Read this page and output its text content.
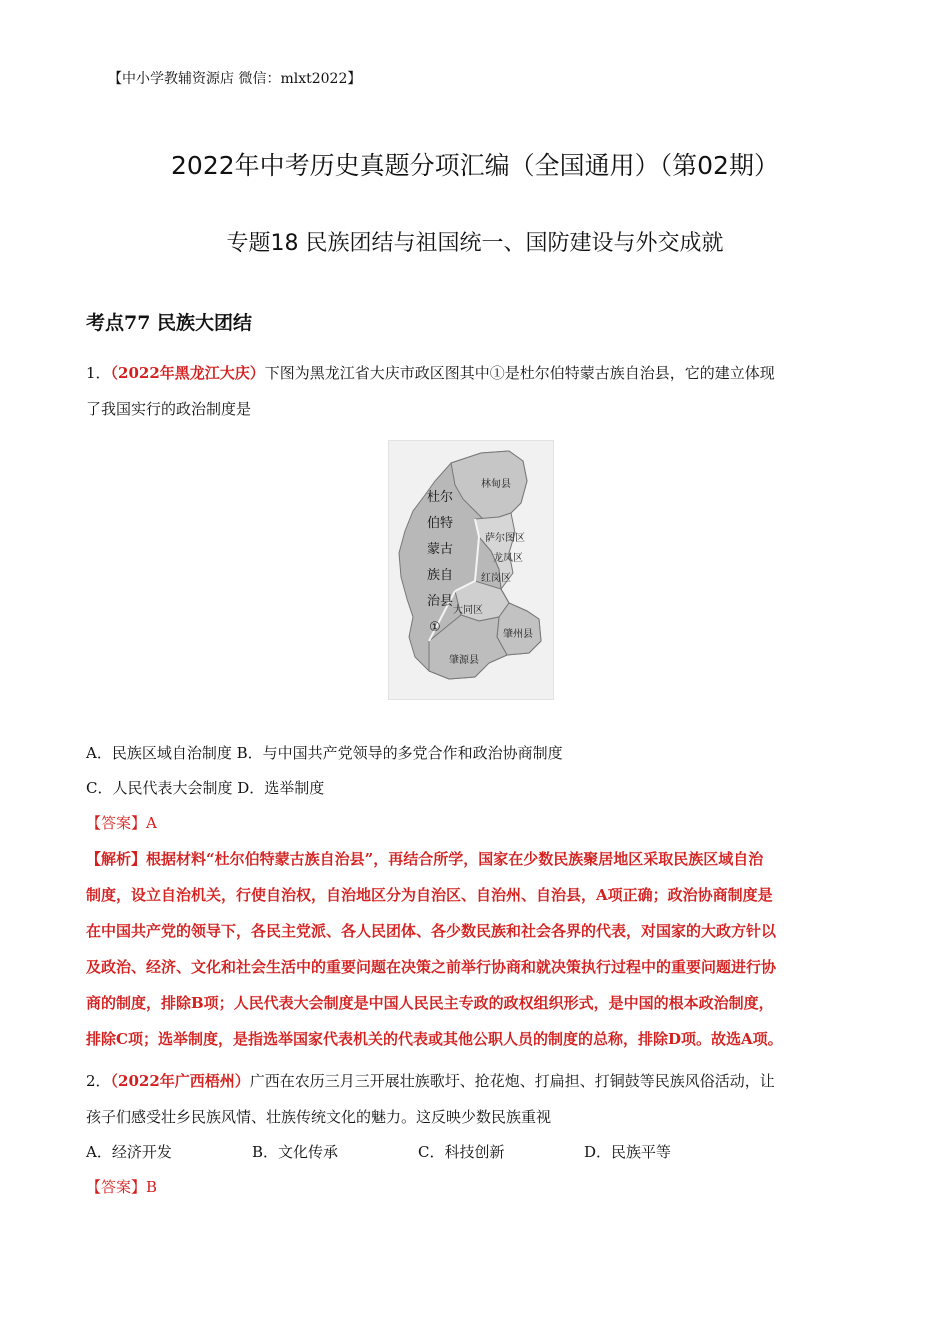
【中小学教辅资源店 微信：mlxt2022】
2022年中考历史真题分项汇编（全国通用）（第02期）
专题18 民族团结与祖国统一、国防建设与外交成就
考点77 民族大团结
1．（2022年黑龙江大庆）下图为黑龙江省大庆市政区图其中①是杜尔伯特蒙古族自治县，它的建立体现
了我国实行的政治制度是
林甸县
杜尔
伯特
蒙古
族自
治县
①
萨尔图区
龙凤区
红岗区
大同区
肇州县
肇源县
A．民族区域自治制度 B．与中国共产党领导的多党合作和政治协商制度
C．人民代表大会制度 D．选举制度
【答案】A
【解析】根据材料“杜尔伯特蒙古族自治县”，再结合所学，国家在少数民族聚居地区采取民族区域自治
制度，设立自治机关，行使自治权，自治地区分为自治区、自治州、自治县，A项正确；政治协商制度是
在中国共产党的领导下，各民主党派、各人民团体、各少数民族和社会各界的代表，对国家的大政方针以
及政治、经济、文化和社会生活中的重要问题在决策之前举行协商和就决策执行过程中的重要问题进行协
商的制度，排除B项；人民代表大会制度是中国人民民主专政的政权组织形式，是中国的根本政治制度，
排除C项；选举制度，是指选举国家代表机关的代表或其他公职人员的制度的总称，排除D项。故选A项。
2．（2022年广西梧州）广西在农历三月三开展壮族歌圩、抢花炮、打扁担、打铜鼓等民族风俗活动，让
孩子们感受壮乡民族风情、壮族传统文化的魅力。这反映少数民族重视
A．经济开发	B．文化传承	C．科技创新	D．民族平等
【答案】B
